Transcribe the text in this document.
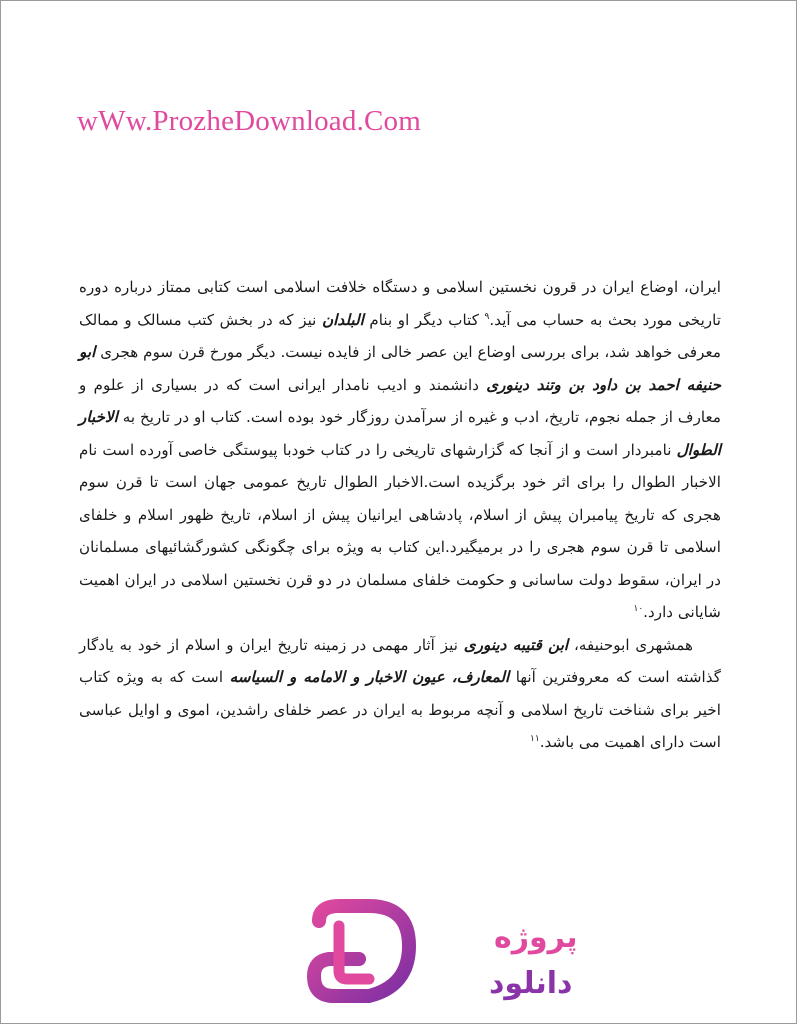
wWw.ProzheDownload.Com

ایران، اوضاع ایران در قرون نخستین اسلامی و دستگاه خلافت اسلامی است کتابی ممتاز درباره دوره تاریخی مورد بحث به حساب می آید.$^۹$ کتاب دیگر او بنام البلدان نیز که در بخش کتب مسالک و ممالک معرفی خواهد شد، برای بررسی اوضاع این عصر خالی از فایده نیست. دیگر مورخ قرن سوم هجری ابو حنیفه احمد بن داود بن وتند دینوری دانشمند و ادیب نامدار ایرانی است که در بسیاری از علوم و معارف از جمله نجوم، تاریخ، ادب و غیره از سرآمدن روزگار خود بوده است. کتاب او در تاریخ به الاخبار الطوال نامبردار است و از آنجا که گزارشهای تاریخی را در کتاب خودبا پیوستگی خاصی آورده است نام الاخبار الطوال را برای اثر خود برگزیده است.الاخبار الطوال تاریخ عمومی جهان است تا قرن سوم هجری که تاریخ پیامبران پیش از اسلام، پادشاهی ایرانیان پیش از اسلام، تاریخ ظهور اسلام و خلفای اسلامی تا قرن سوم هجری را در برمیگیرد.این کتاب به ویژه برای چگونگی کشورگشائیهای مسلمانان در ایران، سقوط دولت ساسانی و حکومت خلفای مسلمان در دو قرن نخستین اسلامی در ایران اهمیت شایانی دارد.$^{۱۰}$

همشهری ابوحنیفه، ابن قتیبه دینوری نیز آثار مهمی در زمینه تاریخ ایران و اسلام از خود به یادگار گذاشته است که معروفترین آنها المعارف، عیون الاخبار و الامامه و السیاسه است که به ویژه کتاب اخیر برای شناخت تاریخ اسلامی و آنچه مربوط به ایران در عصر خلفای راشدین، اموی و اوایل عباسی است دارای اهمیت می باشد.$^{۱۱}$

پروژه
دانلود
